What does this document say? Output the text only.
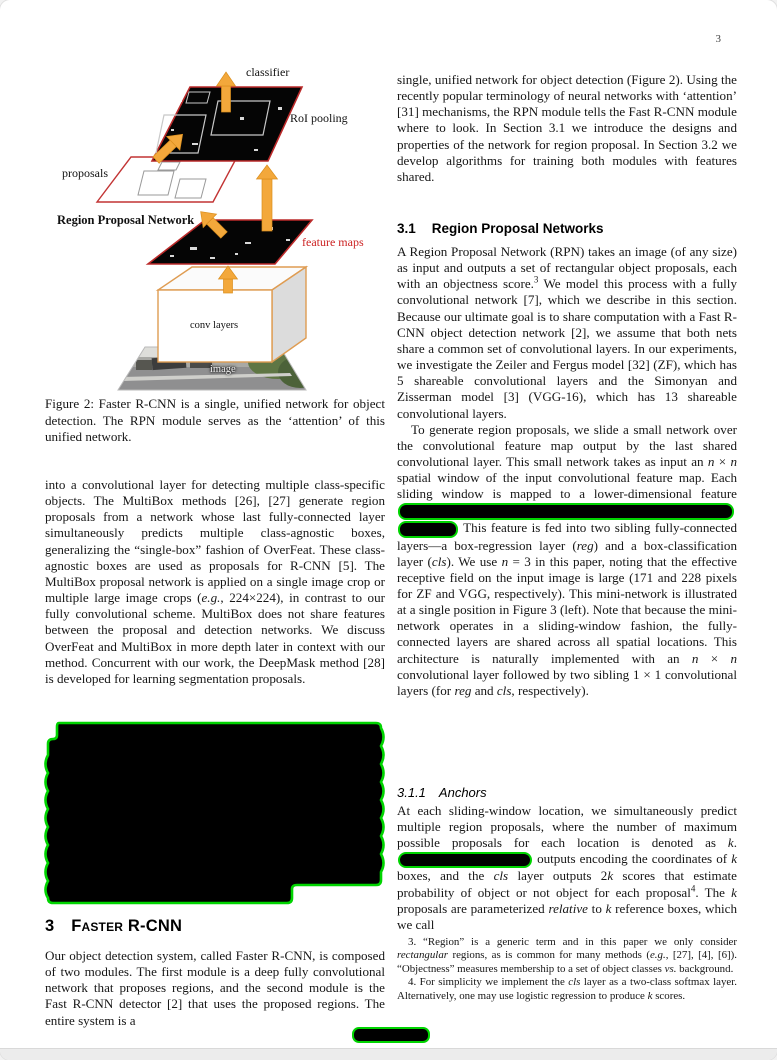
3
classifier
RoI pooling
proposals
Region Proposal Network
feature maps
conv layers
image
Figure 2: Faster R-CNN is a single, unified network for object detection. The RPN module serves as the ‘attention’ of this unified network.

into a convolutional layer for detecting multiple class-specific objects. The MultiBox methods [26], [27] generate region proposals from a network whose last fully-connected layer simultaneously predicts multiple class-agnostic boxes, generalizing the “single-box” fashion of OverFeat. These class-agnostic boxes are used as proposals for R-CNN [5]. The MultiBox proposal network is applied on a single image crop or multiple large image crops (e.g., 224×224), in contrast to our fully convolutional scheme. MultiBox does not share features between the proposal and detection networks. We discuss OverFeat and MultiBox in more depth later in context with our method. Concurrent with our work, the DeepMask method [28] is developed for learning segmentation proposals.

3 Faster R-CNN

Our object detection system, called Faster R-CNN, is composed of two modules. The first module is a deep fully convolutional network that proposes regions, and the second module is the Fast R-CNN detector [2] that uses the proposed regions. The entire system is a

single, unified network for object detection (Figure 2). Using the recently popular terminology of neural networks with ‘attention’ [31] mechanisms, the RPN module tells the Fast R-CNN module where to look. In Section 3.1 we introduce the designs and properties of the network for region proposal. In Section 3.2 we develop algorithms for training both modules with features shared.

3.1 Region Proposal Networks

A Region Proposal Network (RPN) takes an image (of any size) as input and outputs a set of rectangular object proposals, each with an objectness score.$^3$ We model this process with a fully convolutional network [7], which we describe in this section. Because our ultimate goal is to share computation with a Fast R-CNN object detection network [2], we assume that both nets share a common set of convolutional layers. In our experiments, we investigate the Zeiler and Fergus model [32] (ZF), which has 5 shareable convolutional layers and the Simonyan and Zisserman model [3] (VGG-16), which has 13 shareable convolutional layers.

To generate region proposals, we slide a small network over the convolutional feature map output by the last shared convolutional layer. This small network takes as input an n × n spatial window of the input convolutional feature map. Each sliding window is mapped to a lower-dimensional feature  This feature is fed into two sibling fully-connected layers—a box-regression layer (reg) and a box-classification layer (cls). We use n = 3 in this paper, noting that the effective receptive field on the input image is large (171 and 228 pixels for ZF and VGG, respectively). This mini-network is illustrated at a single position in Figure 3 (left). Note that because the mini-network operates in a sliding-window fashion, the fully-connected layers are shared across all spatial locations. This architecture is naturally implemented with an n × n convolutional layer followed by two sibling 1 × 1 convolutional layers (for reg and cls, respectively).

3.1.1 Anchors

At each sliding-window location, we simultaneously predict multiple region proposals, where the number of maximum possible proposals for each location is denoted as k.  outputs encoding the coordinates of k boxes, and the cls layer outputs 2k scores that estimate probability of object or not object for each proposal$^4$. The k proposals are parameterized relative to k reference boxes, which we call

3. “Region” is a generic term and in this paper we only consider rectangular regions, as is common for many methods (e.g., [27], [4], [6]). “Objectness” measures membership to a set of object classes vs. background.

4. For simplicity we implement the cls layer as a two-class softmax layer. Alternatively, one may use logistic regression to produce k scores.
